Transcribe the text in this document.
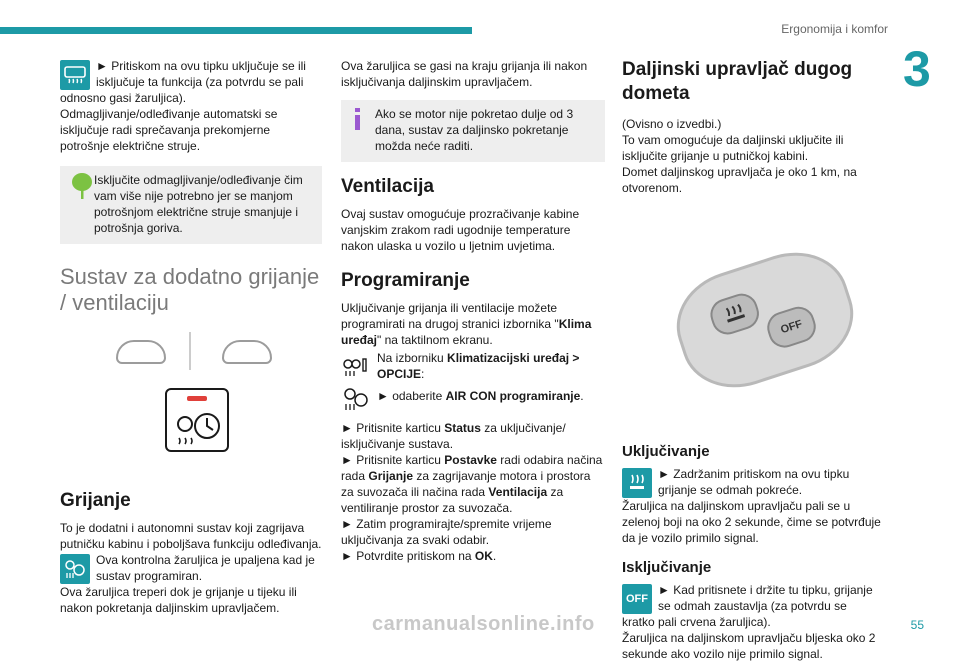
Ergonomija i komfor
3

► Pritiskom na ovu tipku uključuje se ili

isključuje ta funkcija (za potvrdu se pali

odnosno gasi žaruljica).

Odmagljivanje/odleđivanje automatski se isključuje radi sprečavanja prekomjerne potrošnje električne struje.

Isključite odmagljivanje/odleđivanje čim vam više nije potrebno jer se manjom potrošnjom električne struje smanjuje i potrošnja goriva.

Sustav za dodatno grijanje / ventilaciju
Grijanje

To je dodatni i autonomni sustav koji zagrijava putničku kabinu i poboljšava funkciju odleđivanja.

Ova kontrolna žaruljica je upaljena kad je

sustav programiran.

Ova žaruljica treperi dok je grijanje u tijeku ili nakon pokretanja daljinskim upravljačem.

Ova žaruljica se gasi na kraju grijanja ili nakon isključivanja daljinskim upravljačem.

Ako se motor nije pokretao dulje od 3 dana, sustav za daljinsko pokretanje možda neće raditi.

Ventilacija

Ovaj sustav omogućuje prozračivanje kabine vanjskim zrakom radi ugodnije temperature nakon ulaska u vozilo u ljetnim uvjetima.

Programiranje

Uključivanje grijanja ili ventilacije možete programirati na drugoj stranici izbornika "Klima uređaj" na taktilnom ekranu.

Na izborniku Klimatizacijski uređaj > OPCIJE:

► odaberite AIR CON programiranje.

► Pritisnite karticu Status za uključivanje/ isključivanje sustava.

► Pritisnite karticu Postavke radi odabira načina rada Grijanje za zagrijavanje motora i prostora za suvozača ili načina rada Ventilacija za ventiliranje prostor za suvozača.

► Zatim programirajte/spremite vrijeme uključivanja za svaki odabir.

► Potvrdite pritiskom na OK.

Daljinski upravljač dugog dometa

(Ovisno o izvedbi.)

To vam omogućuje da daljinski uključite ili isključite grijanje u putničkoj kabini.

Domet daljinskog upravljača je oko 1 km, na otvorenom.

OFF
Uključivanje

► Zadržanim pritiskom na ovu tipku

grijanje se odmah pokreće.

Žaruljica na daljinskom upravljaču pali se u zelenoj boji na oko 2 sekunde, čime se potvrđuje da je vozilo primilo signal.

Isključivanje
OFF

► Kad pritisnete i držite tu tipku, grijanje

se odmah zaustavlja (za potvrdu se

kratko pali crvena žaruljica).

Žaruljica na daljinskom upravljaču bljeska oko 2 sekunde ako vozilo nije primilo signal.

55
carmanualsonline.info
